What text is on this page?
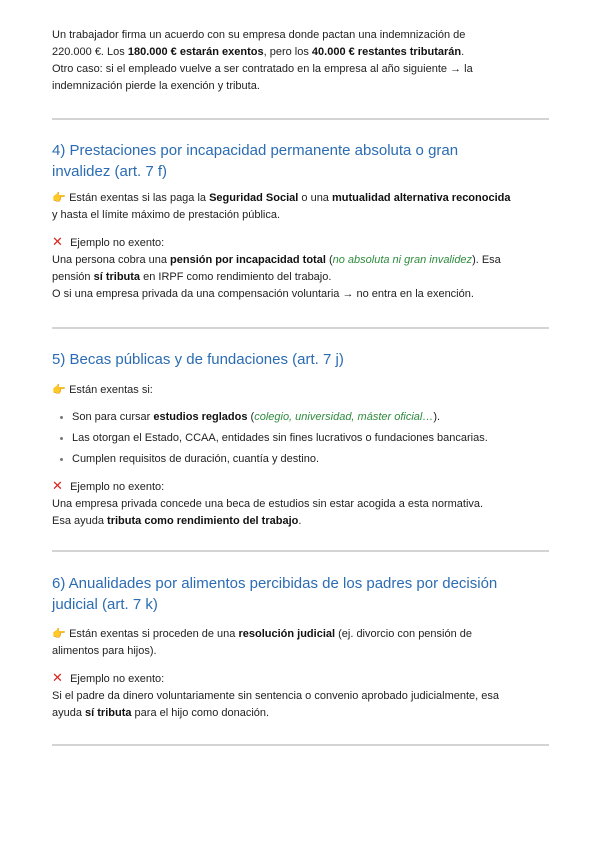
Un trabajador firma un acuerdo con su empresa donde pactan una indemnización de

220.000 €. Los 180.000 € estarán exentos, pero los 40.000 € restantes tributarán.

Otro caso: si el empleado vuelve a ser contratado en la empresa al año siguiente → la

indemnización pierde la exención y tributa.

4) Prestaciones por incapacidad permanente absoluta o gran
invalidez (art. 7 f)

👉 Están exentas si las paga la Seguridad Social o una mutualidad alternativa reconocida

y hasta el límite máximo de prestación pública.

✕ Ejemplo no exento:

Una persona cobra una pensión por incapacidad total (no absoluta ni gran invalidez). Esa

pensión sí tributa en IRPF como rendimiento del trabajo.

O si una empresa privada da una compensación voluntaria → no entra en la exención.

5) Becas públicas y de fundaciones (art. 7 j)

👉 Están exentas si:

• Son para cursar estudios reglados (colegio, universidad, máster oficial…).
• Las otorgan el Estado, CCAA, entidades sin fines lucrativos o fundaciones bancarias.
• Cumplen requisitos de duración, cuantía y destino.

✕ Ejemplo no exento:

Una empresa privada concede una beca de estudios sin estar acogida a esta normativa.

Esa ayuda tributa como rendimiento del trabajo.

6) Anualidades por alimentos percibidas de los padres por decisión
judicial (art. 7 k)

👉 Están exentas si proceden de una resolución judicial (ej. divorcio con pensión de

alimentos para hijos).

✕ Ejemplo no exento:

Si el padre da dinero voluntariamente sin sentencia o convenio aprobado judicialmente, esa

ayuda sí tributa para el hijo como donación.
